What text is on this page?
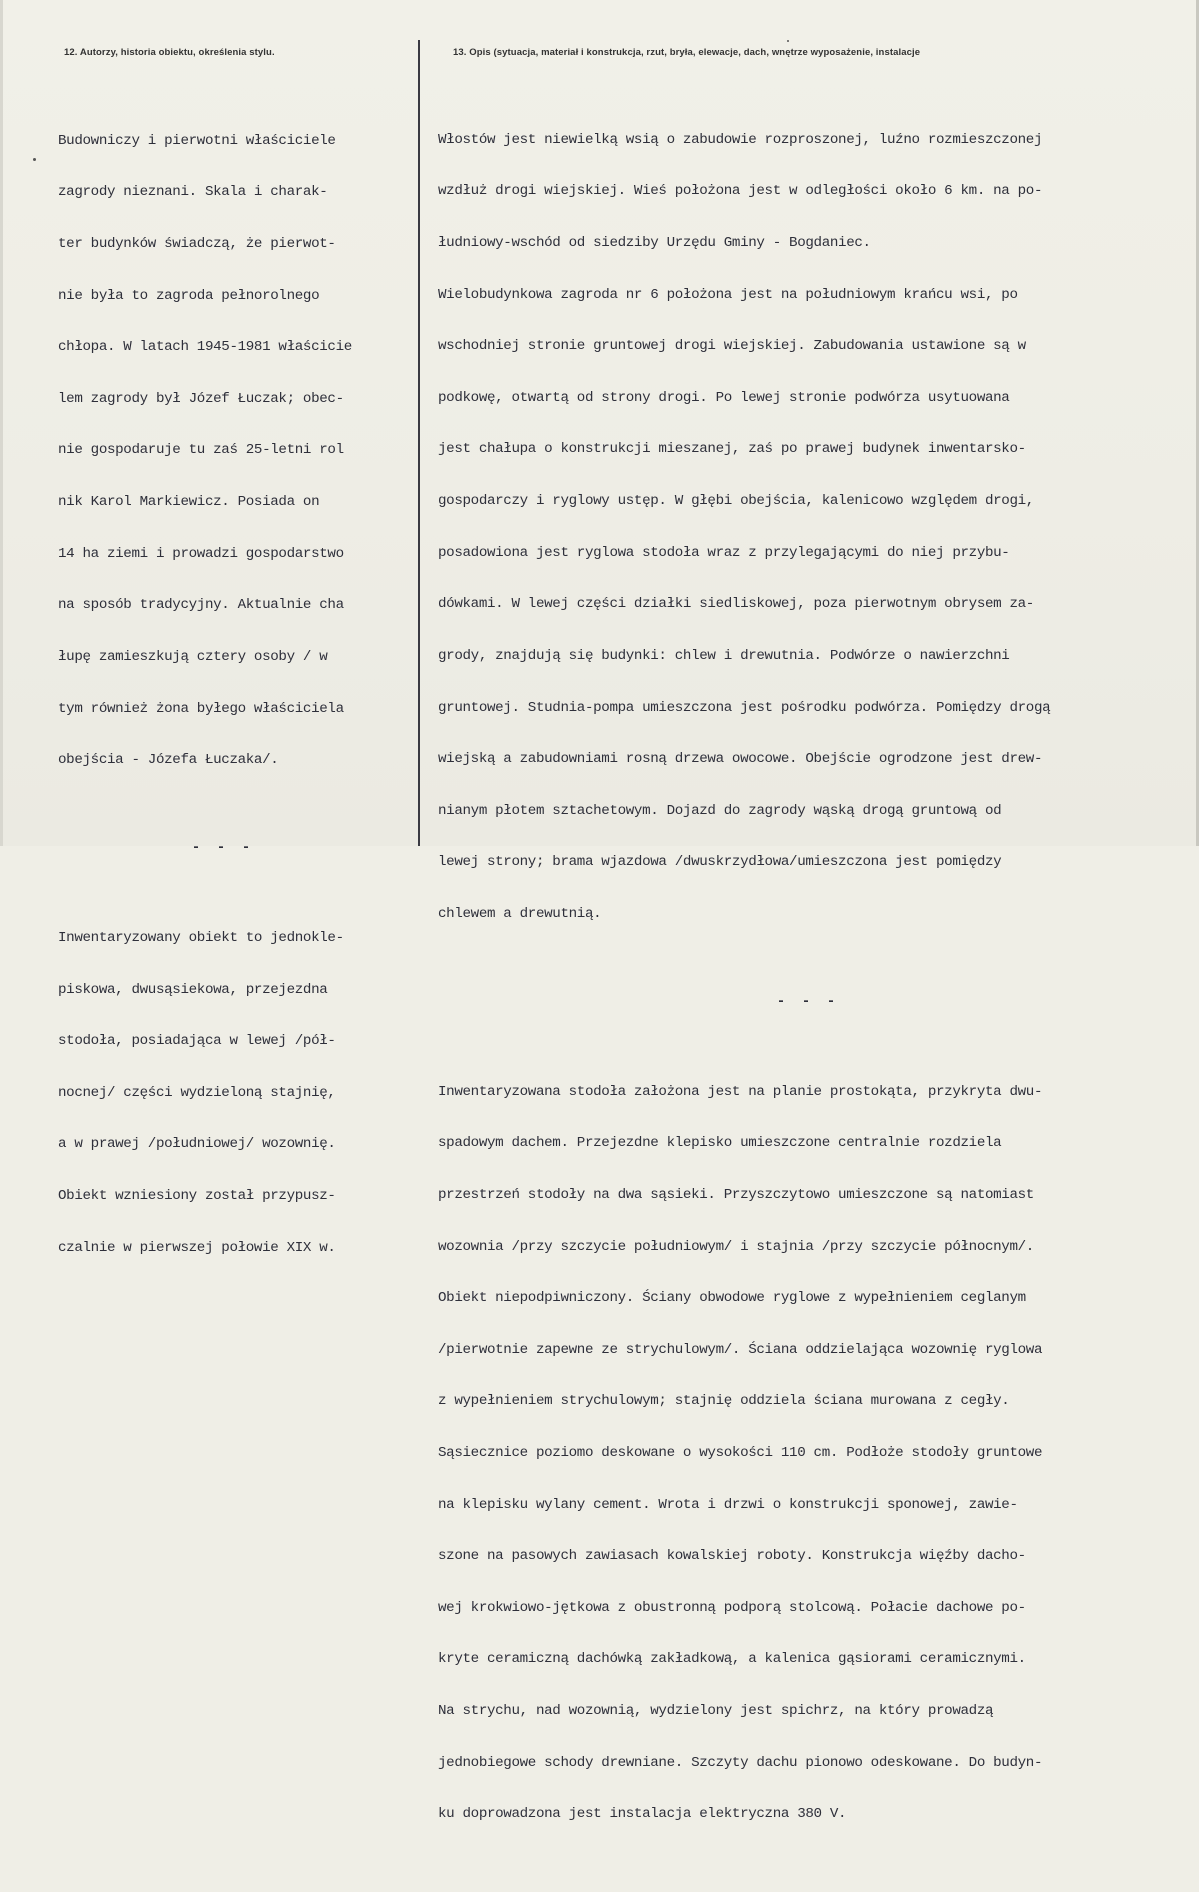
12. Autorzy, historia obiektu, określenia stylu.	13. Opis (sytuacja, materiał i konstrukcja, rzut, bryła, elewacje, dach, wnętrze wyposażenie, instalacje

Budowniczy i pierwotni właściciele

zagrody nieznani. Skala i charak-

ter budynków świadczą, że pierwot-

nie była to zagroda pełnorolnego

chłopa. W latach 1945-1981 właścicie

lem zagrody był Józef Łuczak; obec-

nie gospodaruje tu zaś 25-letni rol

nik Karol Markiewicz. Posiada on

14 ha ziemi i prowadzi gospodarstwo

na sposób tradycyjny. Aktualnie cha

łupę zamieszkują cztery osoby / w

tym również żona byłego właściciela

obejścia - Józefa Łuczaka/.

- - -

Inwentaryzowany obiekt to jednokle-

piskowa, dwusąsiekowa, przejezdna

stodoła, posiadająca w lewej /pół-

nocnej/ części wydzieloną stajnię,

a w prawej /południowej/ wozownię.

Obiekt wzniesiony został przypusz-

czalnie w pierwszej połowie XIX w.

Włostów jest niewielką wsią o zabudowie rozproszonej, luźno rozmieszczonej

wzdłuż drogi wiejskiej. Wieś położona jest w odległości około 6 km. na po-

łudniowy-wschód od siedziby Urzędu Gminy - Bogdaniec.

Wielobudynkowa zagroda nr 6 położona jest na południowym krańcu wsi, po

wschodniej stronie gruntowej drogi wiejskiej. Zabudowania ustawione są w

podkowę, otwartą od strony drogi. Po lewej stronie podwórza usytuowana

jest chałupa o konstrukcji mieszanej, zaś po prawej budynek inwentarsko-

gospodarczy i ryglowy ustęp. W głębi obejścia, kalenicowo względem drogi,

posadowiona jest ryglowa stodoła wraz z przylegającymi do niej przybu-

dówkami. W lewej części działki siedliskowej, poza pierwotnym obrysem za-

grody, znajdują się budynki: chlew i drewutnia. Podwórze o nawierzchni

gruntowej. Studnia-pompa umieszczona jest pośrodku podwórza. Pomiędzy drogą

wiejską a zabudowniami rosną drzewa owocowe. Obejście ogrodzone jest drew-

nianym płotem sztachetowym. Dojazd do zagrody wąską drogą gruntową od

lewej strony; brama wjazdowa /dwuskrzydłowa/umieszczona jest pomiędzy

chlewem a drewutnią.

- - -

Inwentaryzowana stodoła założona jest na planie prostokąta, przykryta dwu-

spadowym dachem. Przejezdne klepisko umieszczone centralnie rozdziela

przestrzeń stodoły na dwa sąsieki. Przyszczytowo umieszczone są natomiast

wozownia /przy szczycie południowym/ i stajnia /przy szczycie północnym/.

Obiekt niepodpiwniczony. Ściany obwodowe ryglowe z wypełnieniem ceglanym

/pierwotnie zapewne ze strychulowym/. Ściana oddzielająca wozownię ryglowa

z wypełnieniem strychulowym; stajnię oddziela ściana murowana z cegły.

Sąsiecznice poziomo deskowane o wysokości 110 cm. Podłoże stodoły gruntowe

na klepisku wylany cement. Wrota i drzwi o konstrukcji sponowej, zawie-

szone na pasowych zawiasach kowalskiej roboty. Konstrukcja więźby dacho-

wej krokwiowo-jętkowa z obustronną podporą stolcową. Połacie dachowe po-

kryte ceramiczną dachówką zakładkową, a kalenica gąsiorami ceramicznymi.

Na strychu, nad wozownią, wydzielony jest spichrz, na który prowadzą

jednobiegowe schody drewniane. Szczyty dachu pionowo odeskowane. Do budyn-

ku doprowadzona jest instalacja elektryczna 380 V.
